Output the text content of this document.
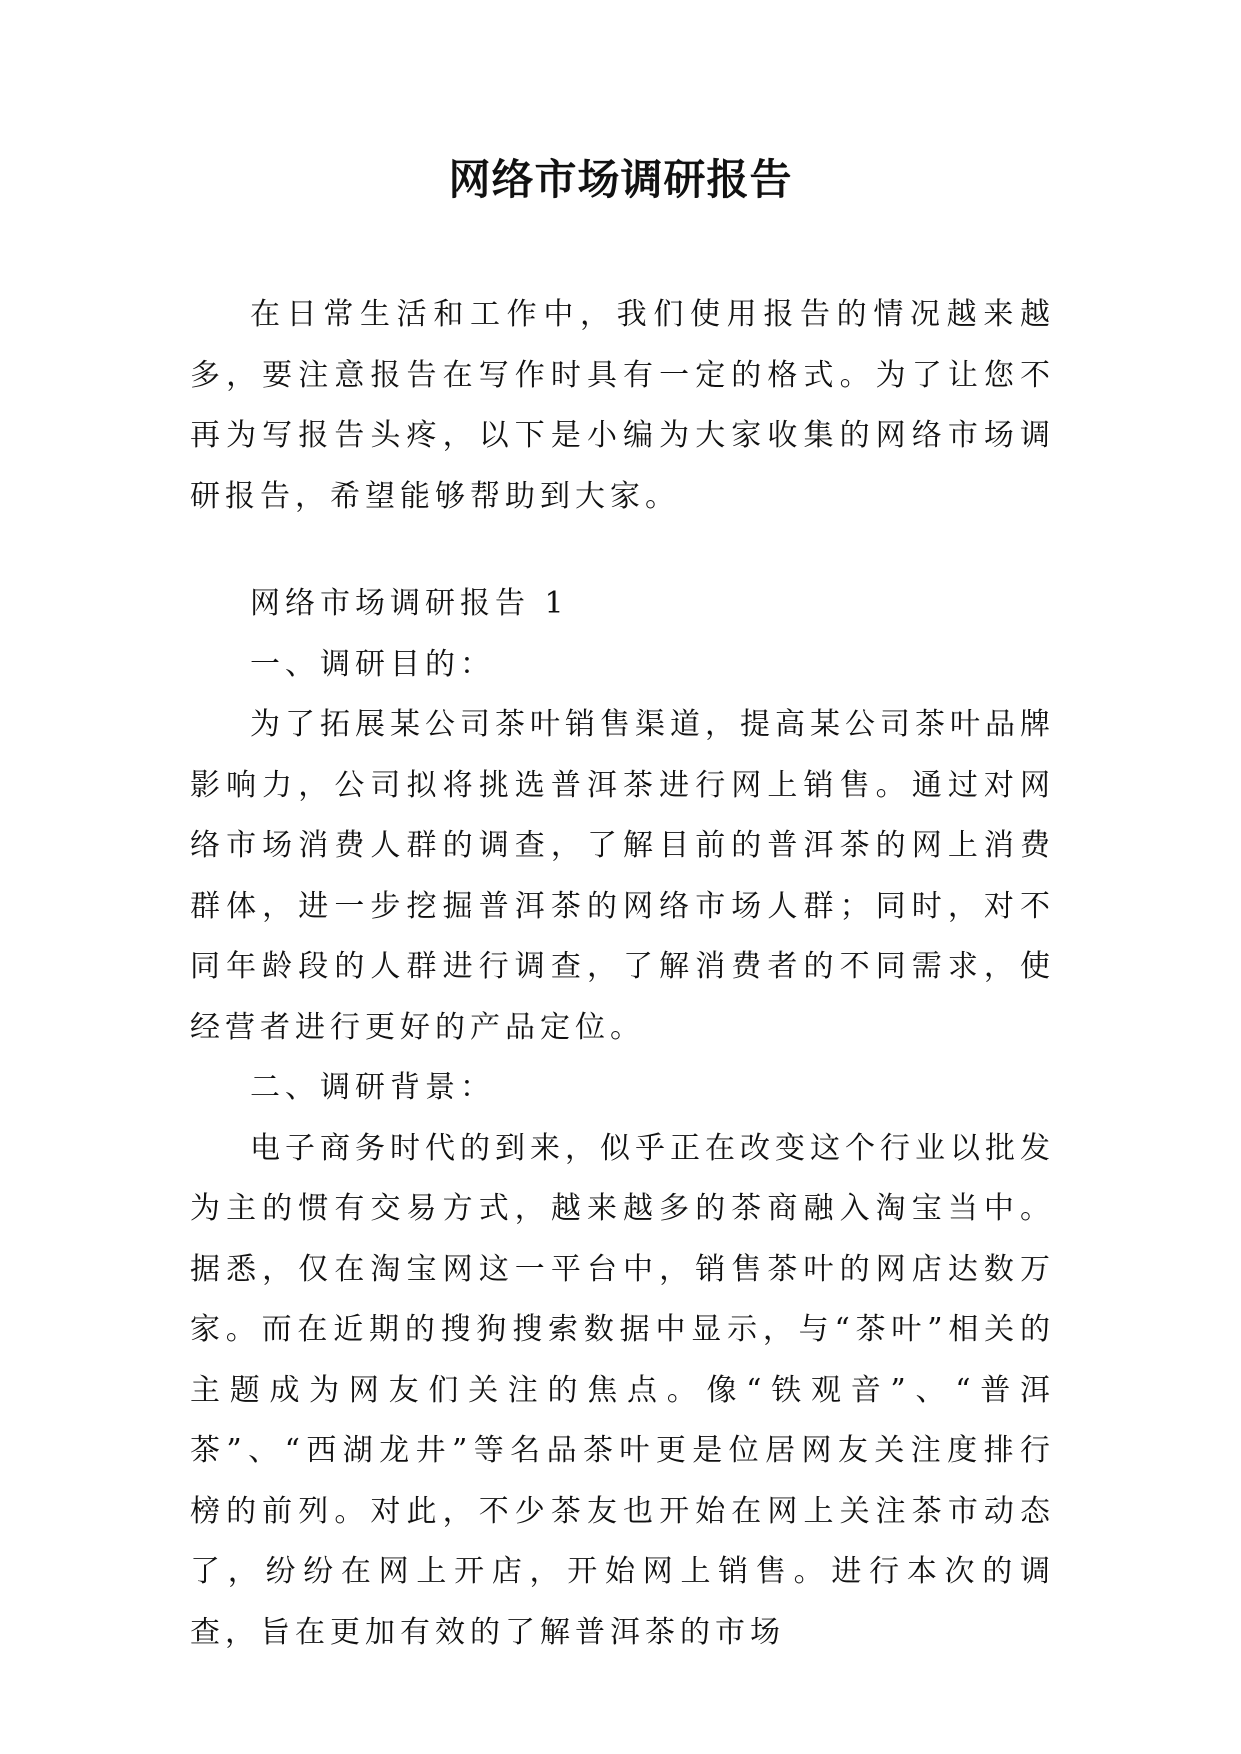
网络市场调研报告

在日常生活和工作中，我们使用报告的情况越来越多，要注意报告在写作时具有一定的格式。为了让您不再为写报告头疼，以下是小编为大家收集的网络市场调研报告，希望能够帮助到大家。

网络市场调研报告 1

一、调研目的：

为了拓展某公司茶叶销售渠道，提高某公司茶叶品牌影响力，公司拟将挑选普洱茶进行网上销售。通过对网络市场消费人群的调查，了解目前的普洱茶的网上消费群体，进一步挖掘普洱茶的网络市场人群；同时，对不同年龄段的人群进行调查，了解消费者的不同需求，使经营者进行更好的产品定位。

二、调研背景：

电子商务时代的到来，似乎正在改变这个行业以批发为主的惯有交易方式，越来越多的茶商融入淘宝当中。据悉，仅在淘宝网这一平台中，销售茶叶的网店达数万家。而在近期的搜狗搜索数据中显示，与“茶叶”相关的主题成为网友们关注的焦点。像“铁观音”、“普洱茶”、“西湖龙井”等名品茶叶更是位居网友关注度排行榜的前列。对此，不少茶友也开始在网上关注茶市动态了，纷纷在网上开店，开始网上销售。进行本次的调查，旨在更加有效的了解普洱茶的市场
